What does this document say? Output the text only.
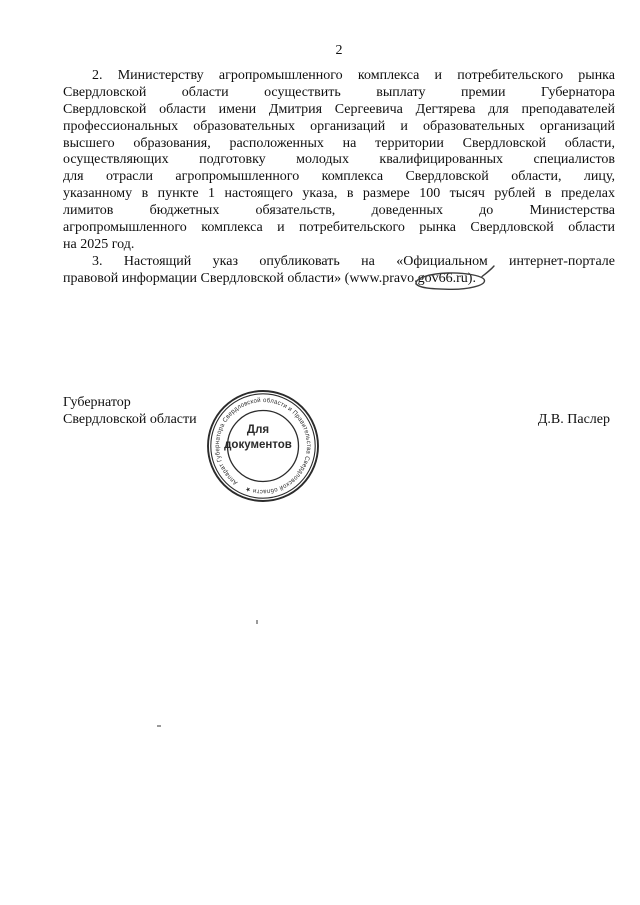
2
2. Министерству агропромышленного комплекса и потребительского рынка
Свердловской области осуществить выплату премии Губернатора
Свердловской области имени Дмитрия Сергеевича Дегтярева для преподавателей
профессиональных образовательных организаций и образовательных организаций
высшего образования, расположенных на территории Свердловской области,
осуществляющих подготовку молодых квалифицированных специалистов
для отрасли агропромышленного комплекса Свердловской области, лицу,
указанному в пункте 1 настоящего указа, в размере 100 тысяч рублей в пределах
лимитов бюджетных обязательств, доведенных до Министерства
агропромышленного комплекса и потребительского рынка Свердловской области
на 2025 год.
3. Настоящий указ опубликовать на «Официальном интернет-портале
правовой информации Свердловской области» (www.pravo.gov66.ru)
.
Губернатор
Свердловской области	Д.В. Паслер
Аппарат Губернатора Свердловской области и Правительства Свердловской области ★
Для
документов
